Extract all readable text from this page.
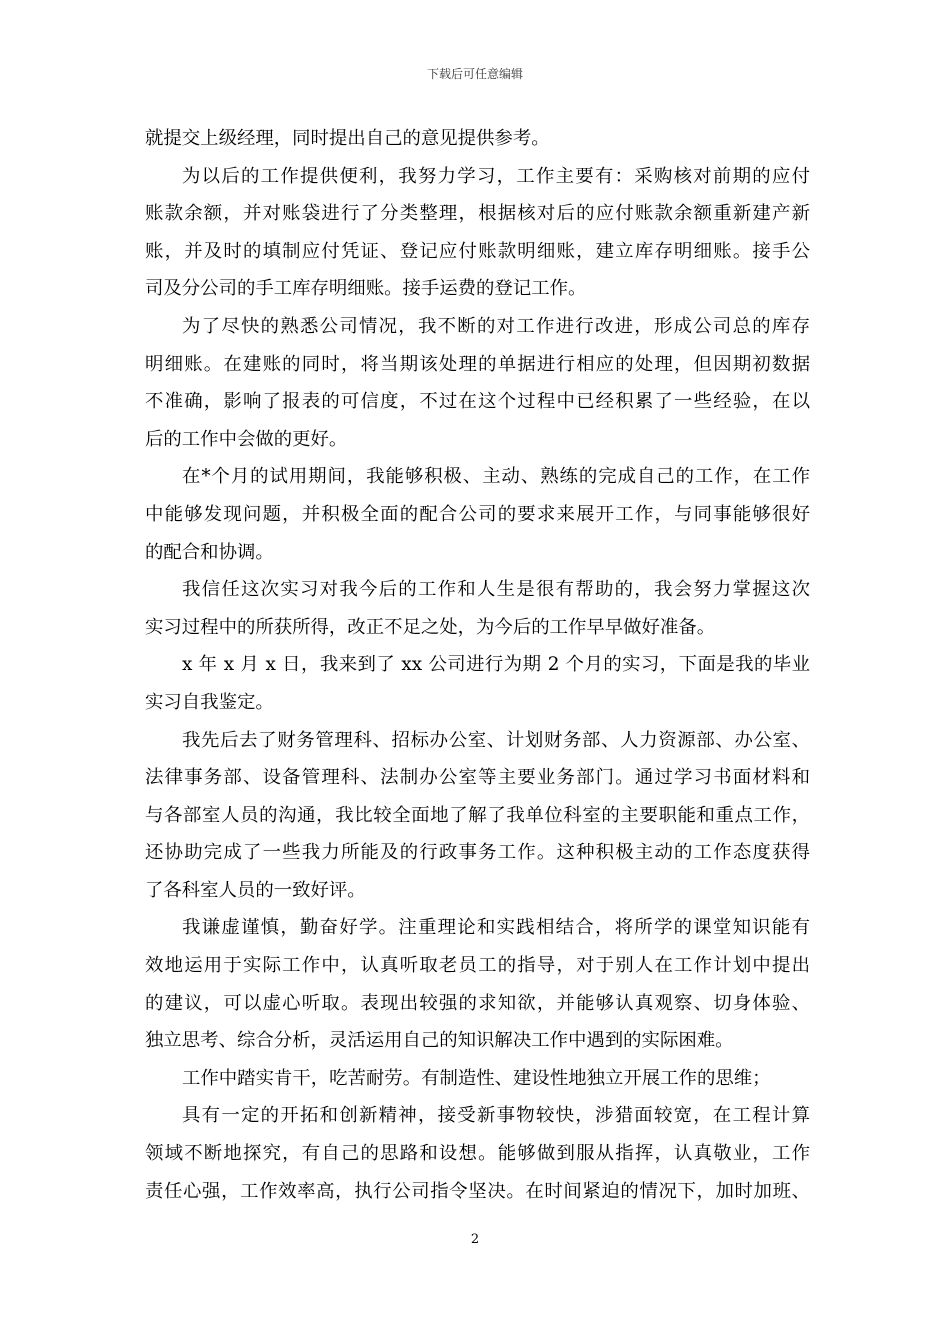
下载后可任意编辑
就提交上级经理，同时提出自己的意见提供参考。
为以后的工作提供便利，我努力学习，工作主要有：采购核对前期的应付
账款余额，并对账袋进行了分类整理，根据核对后的应付账款余额重新建产新
账，并及时的填制应付凭证、登记应付账款明细账，建立库存明细账。接手公
司及分公司的手工库存明细账。接手运费的登记工作。
为了尽快的熟悉公司情况，我不断的对工作进行改进，形成公司总的库存
明细账。在建账的同时，将当期该处理的单据进行相应的处理，但因期初数据
不准确，影响了报表的可信度，不过在这个过程中已经积累了一些经验，在以
后的工作中会做的更好。
在*个月的试用期间，我能够积极、主动、熟练的完成自己的工作，在工作
中能够发现问题，并积极全面的配合公司的要求来展开工作，与同事能够很好
的配合和协调。
我信任这次实习对我今后的工作和人生是很有帮助的，我会努力掌握这次
实习过程中的所获所得，改正不足之处，为今后的工作早早做好准备。
x 年 x 月 x 日，我来到了 xx 公司进行为期 2 个月的实习，下面是我的毕业
实习自我鉴定。
我先后去了财务管理科、招标办公室、计划财务部、人力资源部、办公室、
法律事务部、设备管理科、法制办公室等主要业务部门。通过学习书面材料和
与各部室人员的沟通，我比较全面地了解了我单位科室的主要职能和重点工作，
还协助完成了一些我力所能及的行政事务工作。这种积极主动的工作态度获得
了各科室人员的一致好评。
我谦虚谨慎，勤奋好学。注重理论和实践相结合，将所学的课堂知识能有
效地运用于实际工作中，认真听取老员工的指导，对于别人在工作计划中提出
的建议，可以虚心听取。表现出较强的求知欲，并能够认真观察、切身体验、
独立思考、综合分析，灵活运用自己的知识解决工作中遇到的实际困难。
工作中踏实肯干，吃苦耐劳。有制造性、建设性地独立开展工作的思维；
具有一定的开拓和创新精神，接受新事物较快，涉猎面较宽，在工程计算
领域不断地探究，有自己的思路和设想。能够做到服从指挥，认真敬业，工作
责任心强，工作效率高，执行公司指令坚决。在时间紧迫的情况下，加时加班、
2
